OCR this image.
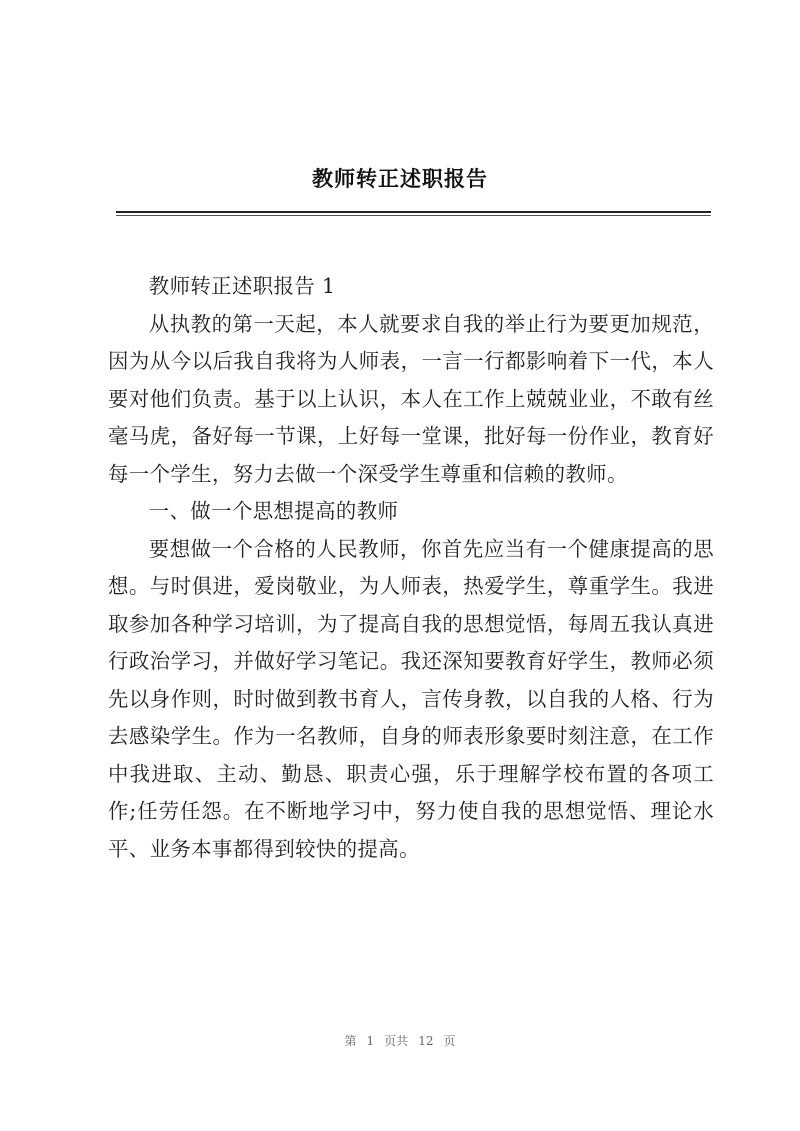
教师转正述职报告

教师转正述职报告 1

从执教的第一天起，本人就要求自我的举止行为要更加规范，因为从今以后我自我将为人师表，一言一行都影响着下一代，本人要对他们负责。基于以上认识，本人在工作上兢兢业业，不敢有丝毫马虎，备好每一节课，上好每一堂课，批好每一份作业，教育好每一个学生，努力去做一个深受学生尊重和信赖的教师。

一、做一个思想提高的教师

要想做一个合格的人民教师，你首先应当有一个健康提高的思想。与时俱进，爱岗敬业，为人师表，热爱学生，尊重学生。我进取参加各种学习培训，为了提高自我的思想觉悟，每周五我认真进行政治学习，并做好学习笔记。我还深知要教育好学生，教师必须先以身作则，时时做到教书育人，言传身教，以自我的人格、行为去感染学生。作为一名教师，自身的师表形象要时刻注意，在工作中我进取、主动、勤恳、职责心强，乐于理解学校布置的各项工作;任劳任怨。在不断地学习中，努力使自我的思想觉悟、理论水平、业务本事都得到较快的提高。

第 1 页共 12 页
